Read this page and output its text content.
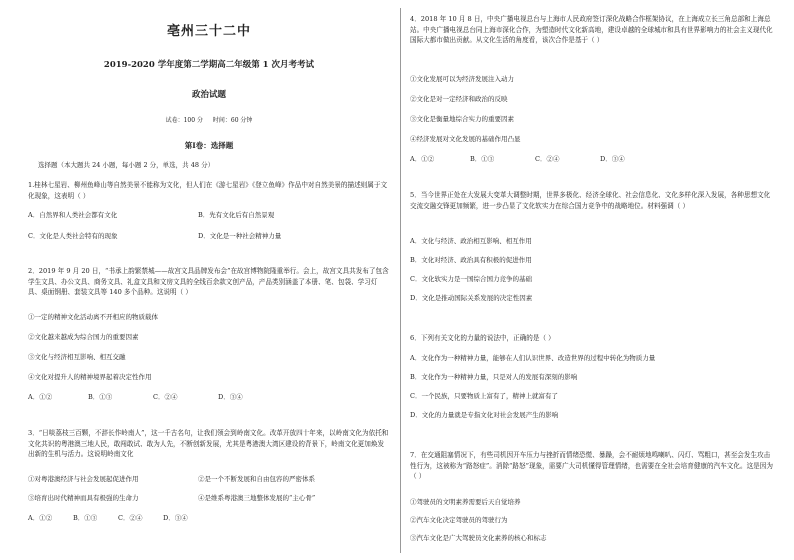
亳州三十二中
2019-2020 学年度第二学期高二年级第 1 次月考考试
政治试题
试卷：100 分 时间：60 分钟
第Ⅰ卷：选择题
选择题（本大题共 24 小题，每小题 2 分，单选，共 48 分）
1.桂林七星岩、柳州鱼峰山等自然美景不能称为文化，但人们在《游七星岩》《登立鱼峰》作品中对自然美景的描述则属于文化现象，这表明（ ）
A．自然界和人类社会都有文化	B．先有文化后有自然景观
C．文化是人类社会特有的现象	D．文化是一种社会精神力量
2．2019 年 9 月 20 日，“书承上韵繁禁城——故宫文具品牌发布会”在故宫博物院隆重举行。会上，故宫文具共发布了包含学生文具、办公文具、商务文具、礼盒文具和文房文具的全线百余款文创产品，产品类别涵盖了本册、笔、包袋、学习灯具、桌面钢册、套装文具等 140 多个品种。这说明（ ）
①一定的精神文化活动离不开相应的物质载体
②文化越来越成为综合国力的重要因素
③文化与经济相互影响、相互交融
④文化对提升人的精神境界起着决定性作用
A．①②	B．①③	C．②④	D．③④
3．“日啖荔枝三百颗，不辞长作岭南人”，这一千古名句，让我们领会到岭南文化。改革开放四十年来，以岭南文化为依托和文化共识的粤港澳三地人民，敢闯敢试、敢为人先，不断创新发展，尤其是粤港澳大湾区建设的背景下，岭南文化更加焕发出新的生机与活力。这说明岭南文化
①对粤港澳经济与社会发展起促进作用	②是一个不断发展和自由包容的严密体系
③培育出时代精神而具有极强的生命力	④是维系粤港澳三地整体发展的“主心骨”
A．①②	B．①③	C．②④	D．③④
4．2018 年 10 月 8 日，中央广播电视总台与上海市人民政府签订深化战略合作框架协议，在上海成立长三角总部和上海总站。中央广播电视总台同上海市深化合作，为塑造时代文化新高地，建设卓越的全球城市和具有世界影响力的社会主义现代化国际大都市做出贡献。从文化生活的角度看，该次合作是基于（ ）
①文化发展可以为经济发展注入动力
②文化是对一定经济和政治的反映
③文化是衡量地综合实力的重要因素
④经济发展对文化发展的基础作用凸显
A．①②	B．①③	C．②④	D．③④
5．当今世界正处在大发展大变革大调整时期，世界多极化、经济全球化、社会信息化、文化多样化深入发展，各种思想文化交流交融交锋更加频繁，进一步凸显了文化软实力在综合国力竞争中的战略地位。材料强调（ ）
A．文化与经济、政治相互影响、相互作用
B．文化对经济、政治具有积极的促进作用
C．文化软实力是一国综合国力竞争的基础
D．文化是推动国际关系发展的决定性因素
6．下列有关文化的力量的说法中，正确的是（ ）
A．文化作为一种精神力量，能够在人们认识世界、改造世界的过程中转化为物质力量
B．文化作为一种精神力量，只是对人的发展有深刻的影响
C．一个民族，只要物质上富有了，精神上就富有了
D．文化的力量就是专指文化对社会发展产生的影响
7．在交通阻塞情况下，有些司机因开车压力与挫折而情绪恐慌、暴躁，会不耐烦地鸣喇叭、闪灯、骂粗口，甚至会发生攻击性行为，这被称为“路怒症”。消除“路怒”现象，需要广大司机懂得管理情绪，也需要在全社会培育健康的汽车文化。这是因为（ ）
①驾驶员的文明素养需要后天自觉培养
②汽车文化决定驾驶员的驾驶行为
③汽车文化是广大驾驶员文化素养的核心和标志
